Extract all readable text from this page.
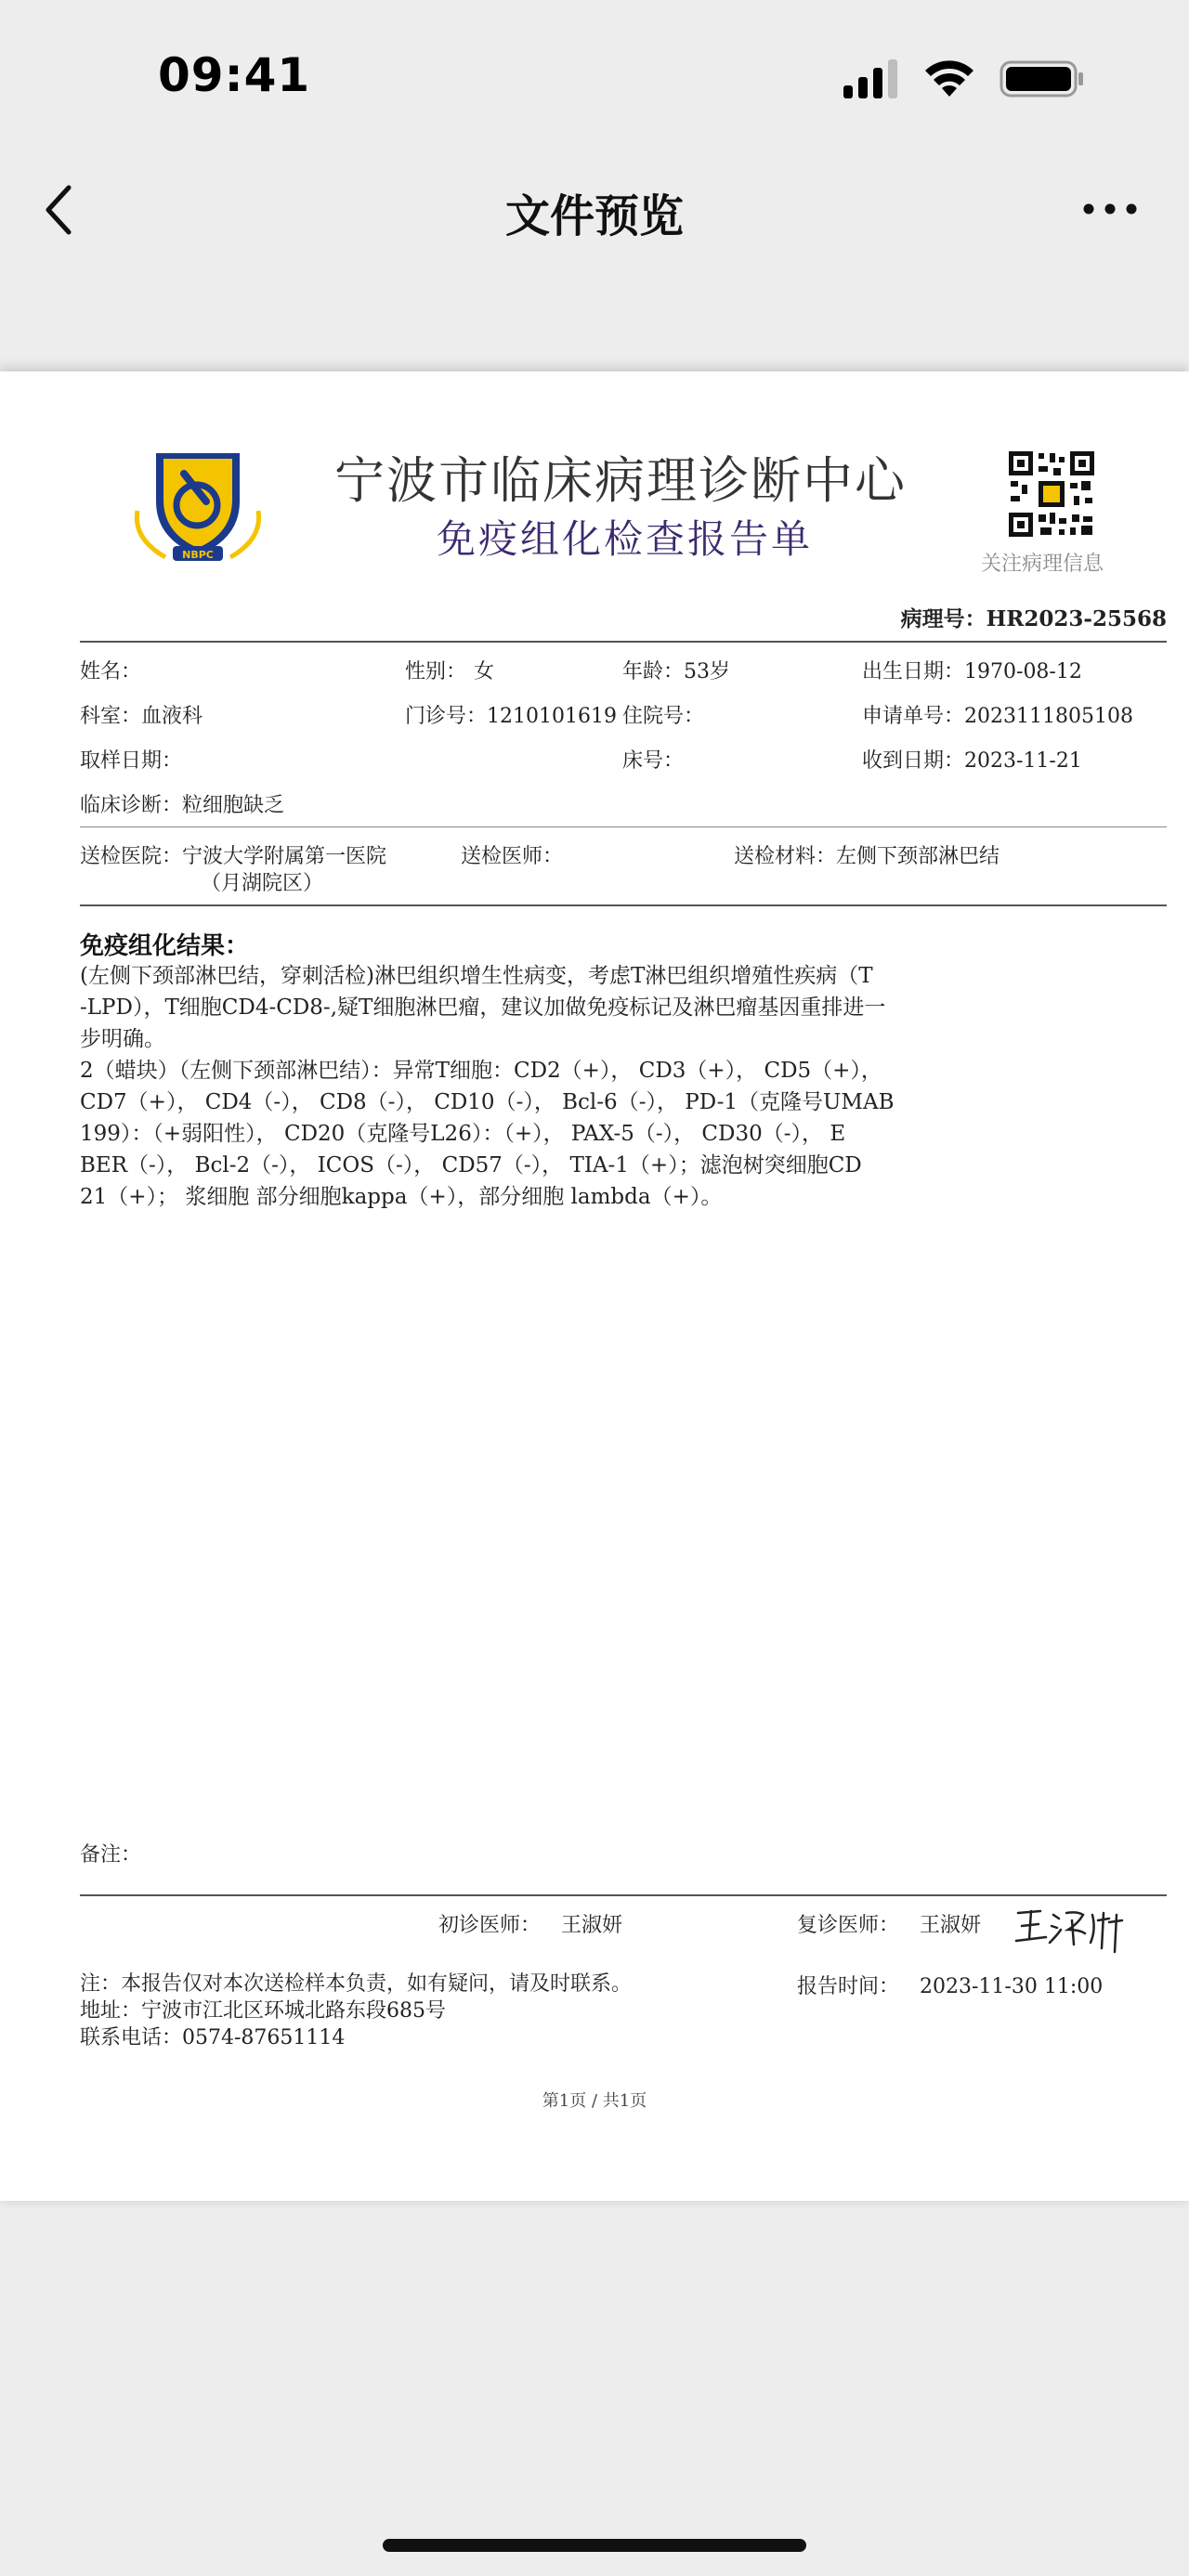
09:41
文件预览
NBPC
宁波市临床病理诊断中心
免疫组化检查报告单
关注病理信息
病理号：HR2023-25568
姓名：	性别： 女	年龄：53岁	出生日期：1970-08-12
科室：血液科	门诊号：1210101619 住院号：	申请单号：2023111805108
取样日期：	床号：	收到日期：2023-11-21
临床诊断：粒细胞缺乏
送检医院：宁波大学附属第一医院
（月湖院区）
送检医师：	送检材料：左侧下颈部淋巴结
免疫组化结果：
(左侧下颈部淋巴结，穿刺活检)淋巴组织增生性病变，考虑T淋巴组织增殖性疾病（T
-LPD），T细胞CD4-CD8-,疑T细胞淋巴瘤，建议加做免疫标记及淋巴瘤基因重排进一
步明确。
2（蜡块）（左侧下颈部淋巴结）：异常T细胞：CD2（+）， CD3（+）， CD5（+），
CD7（+）， CD4（-）， CD8（-）， CD10（-）， Bcl-6（-）， PD-1（克隆号UMAB
199）：（+弱阳性）， CD20（克隆号L26）：（+）， PAX-5（-）， CD30（-）， E
BER（-）， Bcl-2（-）， ICOS（-）， CD57（-）， TIA-1（+）；滤泡树突细胞CD
21（+）； 浆细胞 部分细胞kappa（+），部分细胞 lambda（+）。
备注：
初诊医师： 王淑妍	复诊医师： 王淑妍
注：本报告仅对本次送检样本负责，如有疑问，请及时联系。
地址：宁波市江北区环城北路东段685号
联系电话：0574-87651114
报告时间： 2023-11-30 11:00
第1页 / 共1页
